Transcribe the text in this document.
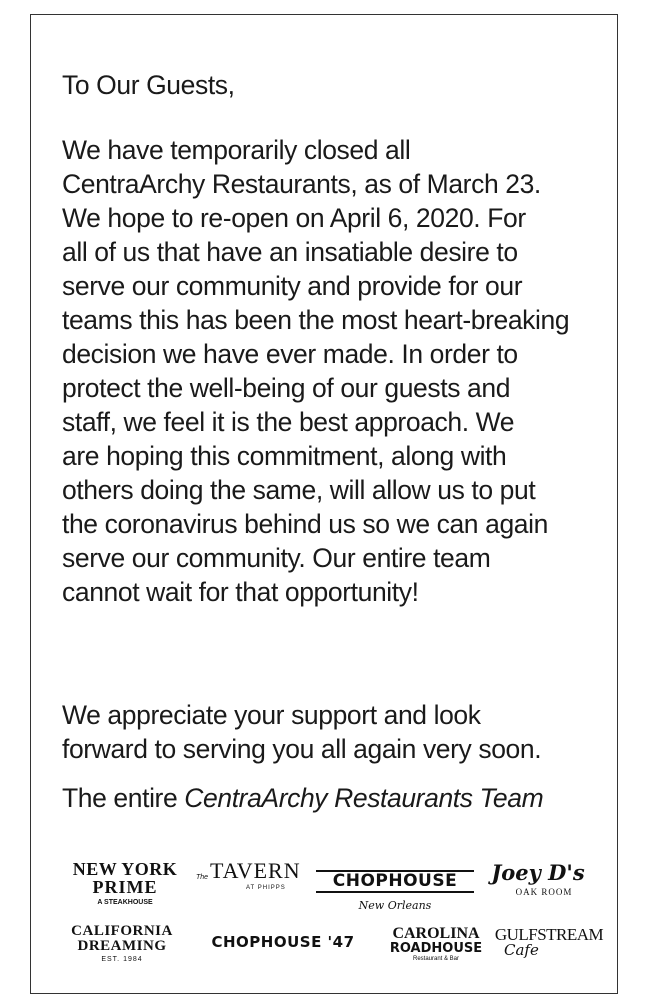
To Our Guests,
We have temporarily closed all
CentraArchy Restaurants, as of March 23.
We hope to re-open on April 6, 2020. For
all of us that have an insatiable desire to
serve our community and provide for our
teams this has been the most heart-breaking
decision we have ever made. In order to
protect the well-being of our guests and
staff, we feel it is the best approach. We
are hoping this commitment, along with
others doing the same, will allow us to put
the coronavirus behind us so we can again
serve our community. Our entire team
cannot wait for that opportunity!
We appreciate your support and look
forward to serving you all again very soon.
The entire CentraArchy Restaurants Team
NEW YORK
PRIME
A STEAKHOUSE
The TAVERN
AT PHIPPS	CHOPHOUSE
New Orleans
Joey D's
OAK ROOM
CALIFORNIA
DREAMING
EST. 1984
CHOPHOUSE '47	CAROLINA
ROADHOUSE
Restaurant & Bar
GULFSTREAM
Cafe
